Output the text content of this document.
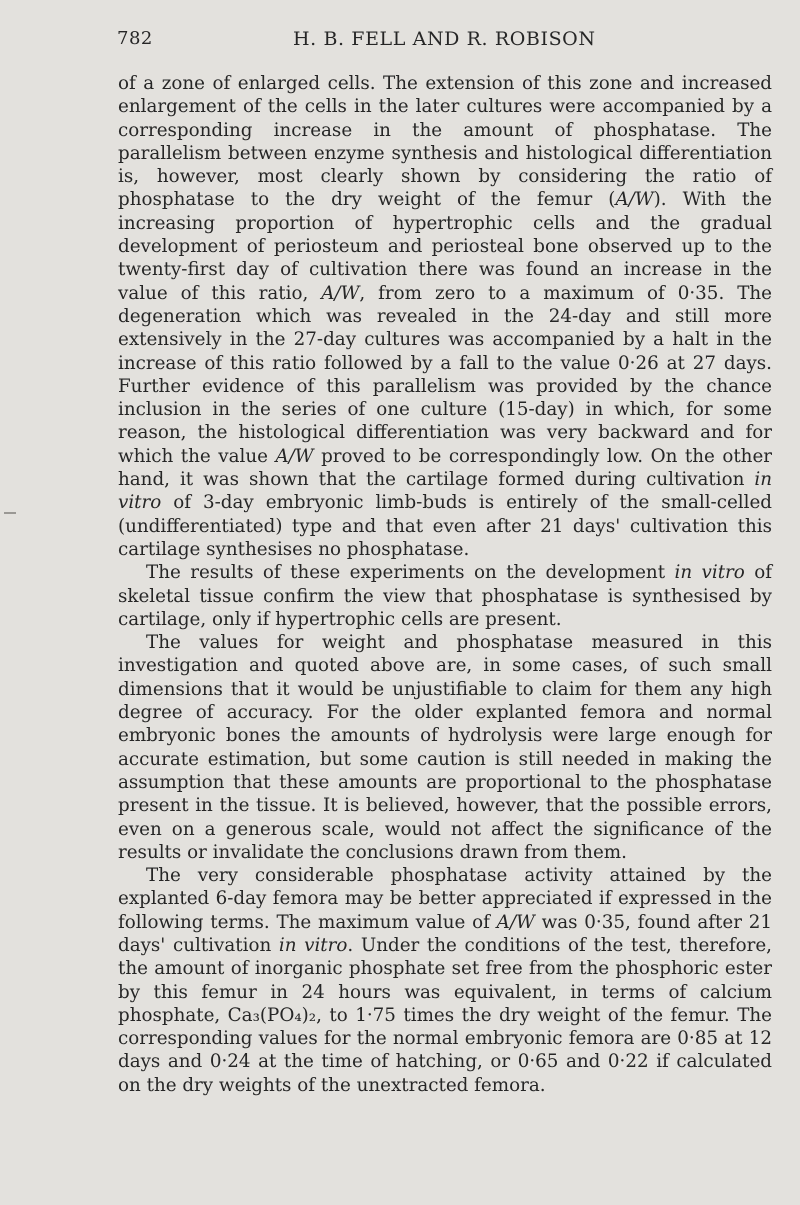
782	H. B. FELL AND R. ROBISON

of a zone of enlarged cells. The extension of this zone and increased enlargement of the cells in the later cultures were accompanied by a corresponding increase in the amount of phosphatase. The parallelism between enzyme synthesis and histological differentiation is, however, most clearly shown by considering the ratio of phosphatase to the dry weight of the femur (A/W). With the increasing proportion of hypertrophic cells and the gradual development of periosteum and periosteal bone observed up to the twenty-first day of cultivation there was found an increase in the value of this ratio, A/W, from zero to a maximum of 0·35. The degeneration which was revealed in the 24-day and still more extensively in the 27-day cultures was accompanied by a halt in the increase of this ratio followed by a fall to the value 0·26 at 27 days. Further evidence of this parallelism was provided by the chance inclusion in the series of one culture (15-day) in which, for some reason, the histological differentiation was very backward and for which the value A/W proved to be correspondingly low. On the other hand, it was shown that the cartilage formed during cultivation in vitro of 3-day embryonic limb-buds is entirely of the small-celled (undifferentiated) type and that even after 21 days' cultivation this cartilage synthesises no phosphatase.

The results of these experiments on the development in vitro of skeletal tissue confirm the view that phosphatase is synthesised by cartilage, only if hypertrophic cells are present.

The values for weight and phosphatase measured in this investigation and quoted above are, in some cases, of such small dimensions that it would be unjustifiable to claim for them any high degree of accuracy. For the older explanted femora and normal embryonic bones the amounts of hydrolysis were large enough for accurate estimation, but some caution is still needed in making the assumption that these amounts are proportional to the phosphatase present in the tissue. It is believed, however, that the possible errors, even on a generous scale, would not affect the significance of the results or invalidate the conclusions drawn from them.

The very considerable phosphatase activity attained by the explanted 6-day femora may be better appreciated if expressed in the following terms. The maximum value of A/W was 0·35, found after 21 days' cultivation in vitro. Under the conditions of the test, therefore, the amount of inorganic phosphate set free from the phosphoric ester by this femur in 24 hours was equivalent, in terms of calcium phosphate, Ca₃(PO₄)₂, to 1·75 times the dry weight of the femur. The corresponding values for the normal embryonic femora are 0·85 at 12 days and 0·24 at the time of hatching, or 0·65 and 0·22 if calculated on the dry weights of the unextracted femora.
